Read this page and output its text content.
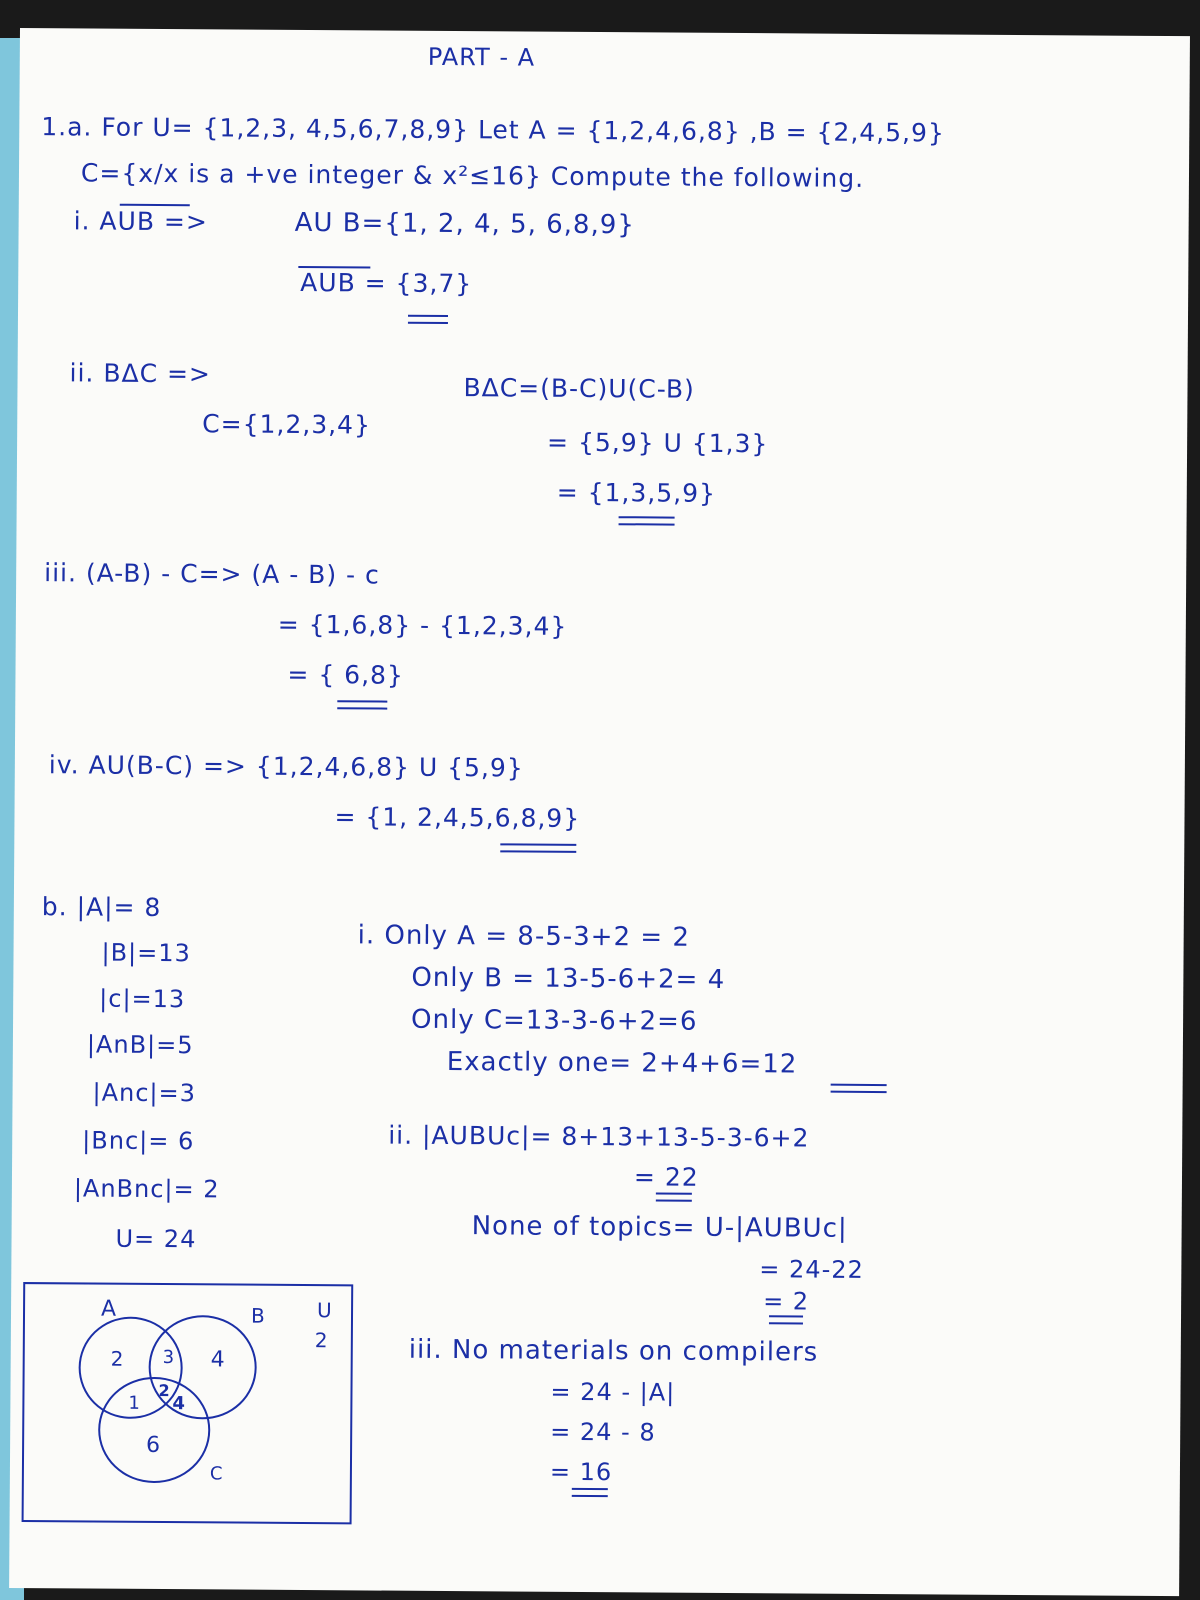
PART - A
1.a. For U= {1,2,3, 4,5,6,7,8,9} Let A = {1,2,4,6,8} ,B = {2,4,5,9}
C={x/x is a +ve integer & x²≤16} Compute the following.
i. AUB =>	AU B={1, 2, 4, 5, 6,8,9}
AUB = {3,7}
ii. BΔC =>
C={1,2,3,4}
BΔC=(B-C)U(C-B)
= {5,9} U {1,3}
= {1,3,5,9}
iii. (A-B) - C=> (A - B) - c
= {1,6,8} - {1,2,3,4}
= { 6,8}
iv. AU(B-C) => {1,2,4,6,8} U {5,9}
= {1, 2,4,5,6,8,9}
b. |A|= 8
|B|=13
|c|=13
|AnB|=5
|Anc|=3
|Bnc|= 6
|AnBnc|= 2
U= 24
i. Only A = 8-5-3+2 = 2
Only B = 13-5-6+2= 4
Only C=13-3-6+2=6
Exactly one= 2+4+6=12
ii. |AUBUc|= 8+13+13-5-3-6+2
= 22
None of topics= U-|AUBUc|
= 24-22
= 2
iii. No materials on compilers
= 24 - |A|
= 24 - 8
= 16
A	B	U
2
2 3 4
1
2
4
6
C
